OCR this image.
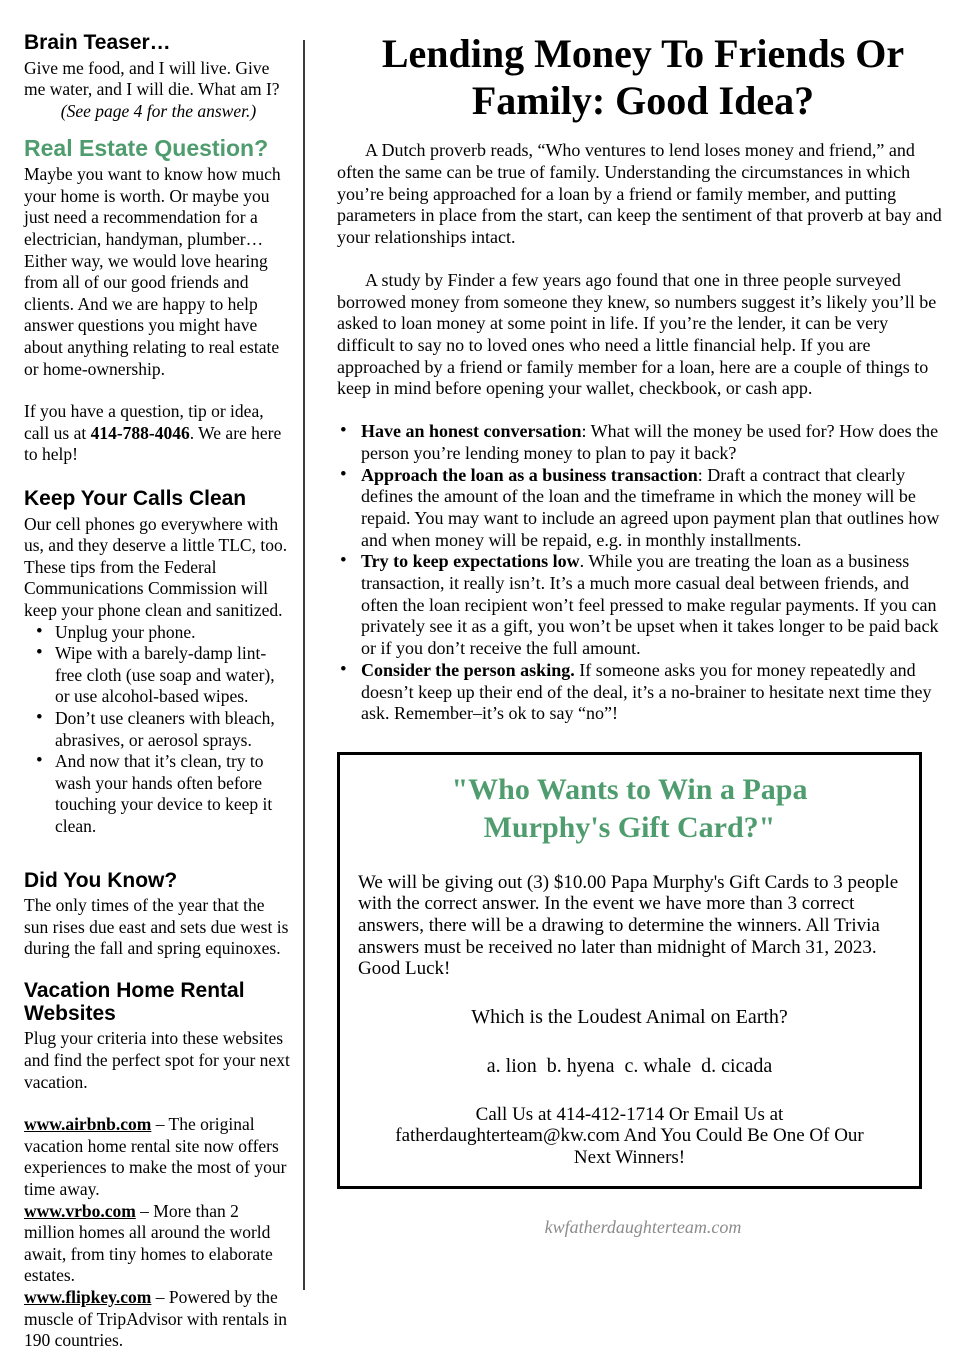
Brain Teaser…

Give me food, and I will live. Give me water, and I will die. What am I?

(See page 4 for the answer.)

Real Estate Question?

Maybe you want to know how much your home is worth. Or maybe you just need a recommendation for a electrician, handyman, plumber… Either way, we would love hearing from all of our good friends and clients. And we are happy to help answer questions you might have about anything relating to real estate or home-ownership.

If you have a question, tip or idea, call us at 414-788-4046. We are here to help!

Keep Your Calls Clean

Our cell phones go everywhere with us, and they deserve a little TLC, too. These tips from the Federal Communications Commission will keep your phone clean and sanitized.

• Unplug your phone.
• Wipe with a barely-damp lint-free cloth (use soap and water), or use alcohol-based wipes.
• Don’t use cleaners with bleach, abrasives, or aerosol sprays.
• And now that it’s clean, try to wash your hands often before touching your device to keep it clean.
Did You Know?

The only times of the year that the sun rises due east and sets due west is during the fall and spring equinoxes.

Vacation Home Rental Websites

Plug your criteria into these websites and find the perfect spot for your next vacation.

www.airbnb.com – The original vacation home rental site now offers experiences to make the most of your time away.

www.vrbo.com – More than 2 million homes all around the world await, from tiny homes to elaborate estates.

www.flipkey.com – Powered by the muscle of TripAdvisor with rentals in 190 countries.

Lending Money To Friends Or
Family: Good Idea?

A Dutch proverb reads, “Who ventures to lend loses money and friend,” and often the same can be true of family. Understanding the circumstances in which you’re being approached for a loan by a friend or family member, and putting parameters in place from the start, can keep the sentiment of that proverb at bay and your relationships intact.

A study by Finder a few years ago found that one in three people surveyed borrowed money from someone they knew, so numbers suggest it’s likely you’ll be asked to loan money at some point in life. If you’re the lender, it can be very difficult to say no to loved ones who need a little financial help. If you are approached by a friend or family member for a loan, here are a couple of things to keep in mind before opening your wallet, checkbook, or cash app.

• Have an honest conversation: What will the money be used for? How does the person you’re lending money to plan to pay it back?
• Approach the loan as a business transaction: Draft a contract that clearly defines the amount of the loan and the timeframe in which the money will be repaid. You may want to include an agreed upon payment plan that outlines how and when money will be repaid, e.g. in monthly installments.
• Try to keep expectations low. While you are treating the loan as a business transaction, it really isn’t. It’s a much more casual deal between friends, and often the loan recipient won’t feel pressed to make regular payments. If you can privately see it as a gift, you won’t be upset when it takes longer to be paid back or if you don’t receive the full amount.
• Consider the person asking. If someone asks you for money repeatedly and doesn’t keep up their end of the deal, it’s a no-brainer to hesitate next time they ask. Remember–it’s ok to say “no”!
"Who Wants to Win a Papa
Murphy's Gift Card?"

We will be giving out (3) $10.00 Papa Murphy's Gift Cards to 3 people with the correct answer. In the event we have more than 3 correct answers, there will be a drawing to determine the winners. All Trivia answers must be received no later than midnight of March 31, 2023. Good Luck!

Which is the Loudest Animal on Earth?

a. lion  b. hyena  c. whale  d. cicada

Call Us at 414-412-1714 Or Email Us at fatherdaughterteam@kw.com And You Could Be One Of Our Next Winners!

kwfatherdaughterteam.com
